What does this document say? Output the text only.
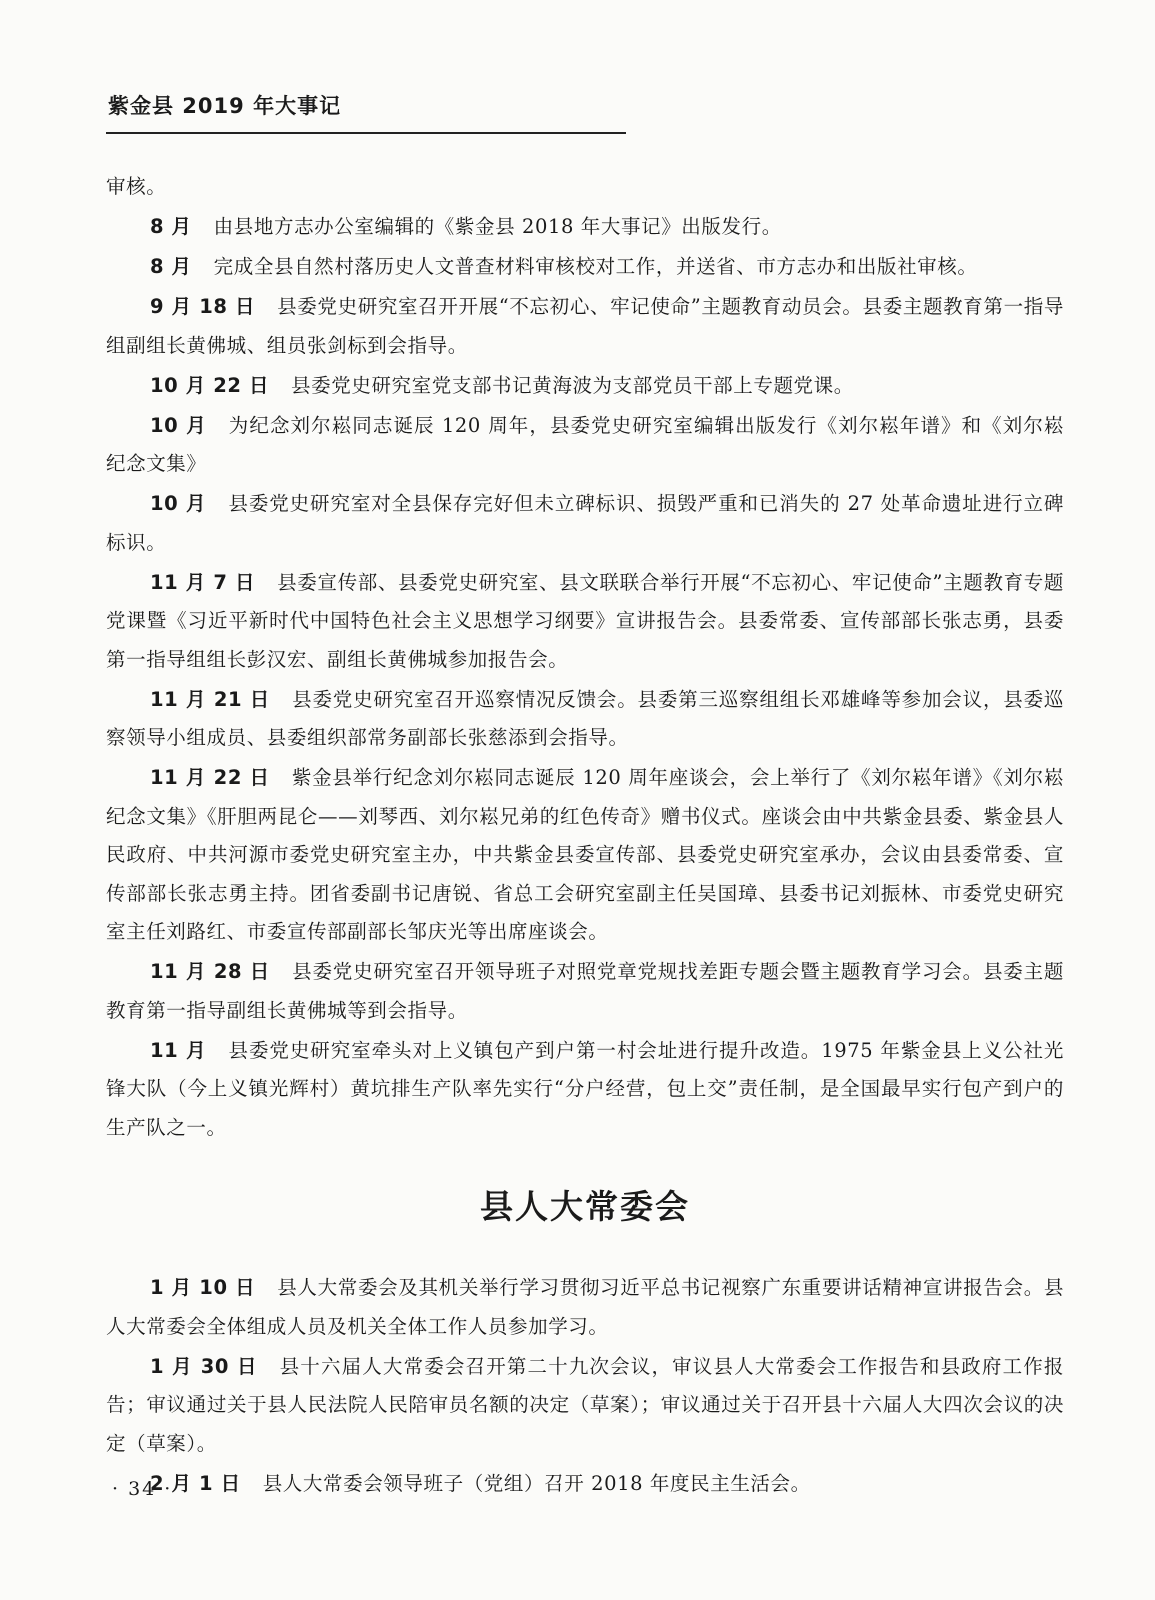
紫金县 2019 年大事记

审核。

8 月 由县地方志办公室编辑的《紫金县 2018 年大事记》出版发行。

8 月 完成全县自然村落历史人文普查材料审核校对工作，并送省、市方志办和出版社审核。

9 月 18 日 县委党史研究室召开开展“不忘初心、牢记使命”主题教育动员会。县委主题教育第一指导组副组长黄佛城、组员张剑标到会指导。

10 月 22 日 县委党史研究室党支部书记黄海波为支部党员干部上专题党课。

10 月 为纪念刘尔崧同志诞辰 120 周年，县委党史研究室编辑出版发行《刘尔崧年谱》和《刘尔崧纪念文集》

10 月 县委党史研究室对全县保存完好但未立碑标识、损毁严重和已消失的 27 处革命遗址进行立碑标识。

11 月 7 日 县委宣传部、县委党史研究室、县文联联合举行开展“不忘初心、牢记使命”主题教育专题党课暨《习近平新时代中国特色社会主义思想学习纲要》宣讲报告会。县委常委、宣传部部长张志勇，县委第一指导组组长彭汉宏、副组长黄佛城参加报告会。

11 月 21 日 县委党史研究室召开巡察情况反馈会。县委第三巡察组组长邓雄峰等参加会议，县委巡察领导小组成员、县委组织部常务副部长张慈添到会指导。

11 月 22 日 紫金县举行纪念刘尔崧同志诞辰 120 周年座谈会，会上举行了《刘尔崧年谱》《刘尔崧纪念文集》《肝胆两昆仑——刘琴西、刘尔崧兄弟的红色传奇》赠书仪式。座谈会由中共紫金县委、紫金县人民政府、中共河源市委党史研究室主办，中共紫金县委宣传部、县委党史研究室承办，会议由县委常委、宣传部部长张志勇主持。团省委副书记唐锐、省总工会研究室副主任吴国璋、县委书记刘振林、市委党史研究室主任刘路红、市委宣传部副部长邹庆光等出席座谈会。

11 月 28 日 县委党史研究室召开领导班子对照党章党规找差距专题会暨主题教育学习会。县委主题教育第一指导副组长黄佛城等到会指导。

11 月 县委党史研究室牵头对上义镇包产到户第一村会址进行提升改造。1975 年紫金县上义公社光锋大队（今上义镇光辉村）黄坑排生产队率先实行“分户经营，包上交”责任制，是全国最早实行包产到户的生产队之一。

县人大常委会

1 月 10 日 县人大常委会及其机关举行学习贯彻习近平总书记视察广东重要讲话精神宣讲报告会。县人大常委会全体组成人员及机关全体工作人员参加学习。

1 月 30 日 县十六届人大常委会召开第二十九次会议，审议县人大常委会工作报告和县政府工作报告；审议通过关于县人民法院人民陪审员名额的决定（草案）；审议通过关于召开县十六届人大四次会议的决定（草案）。

2 月 1 日 县人大常委会领导班子（党组）召开 2018 年度民主生活会。

· 34 ·
